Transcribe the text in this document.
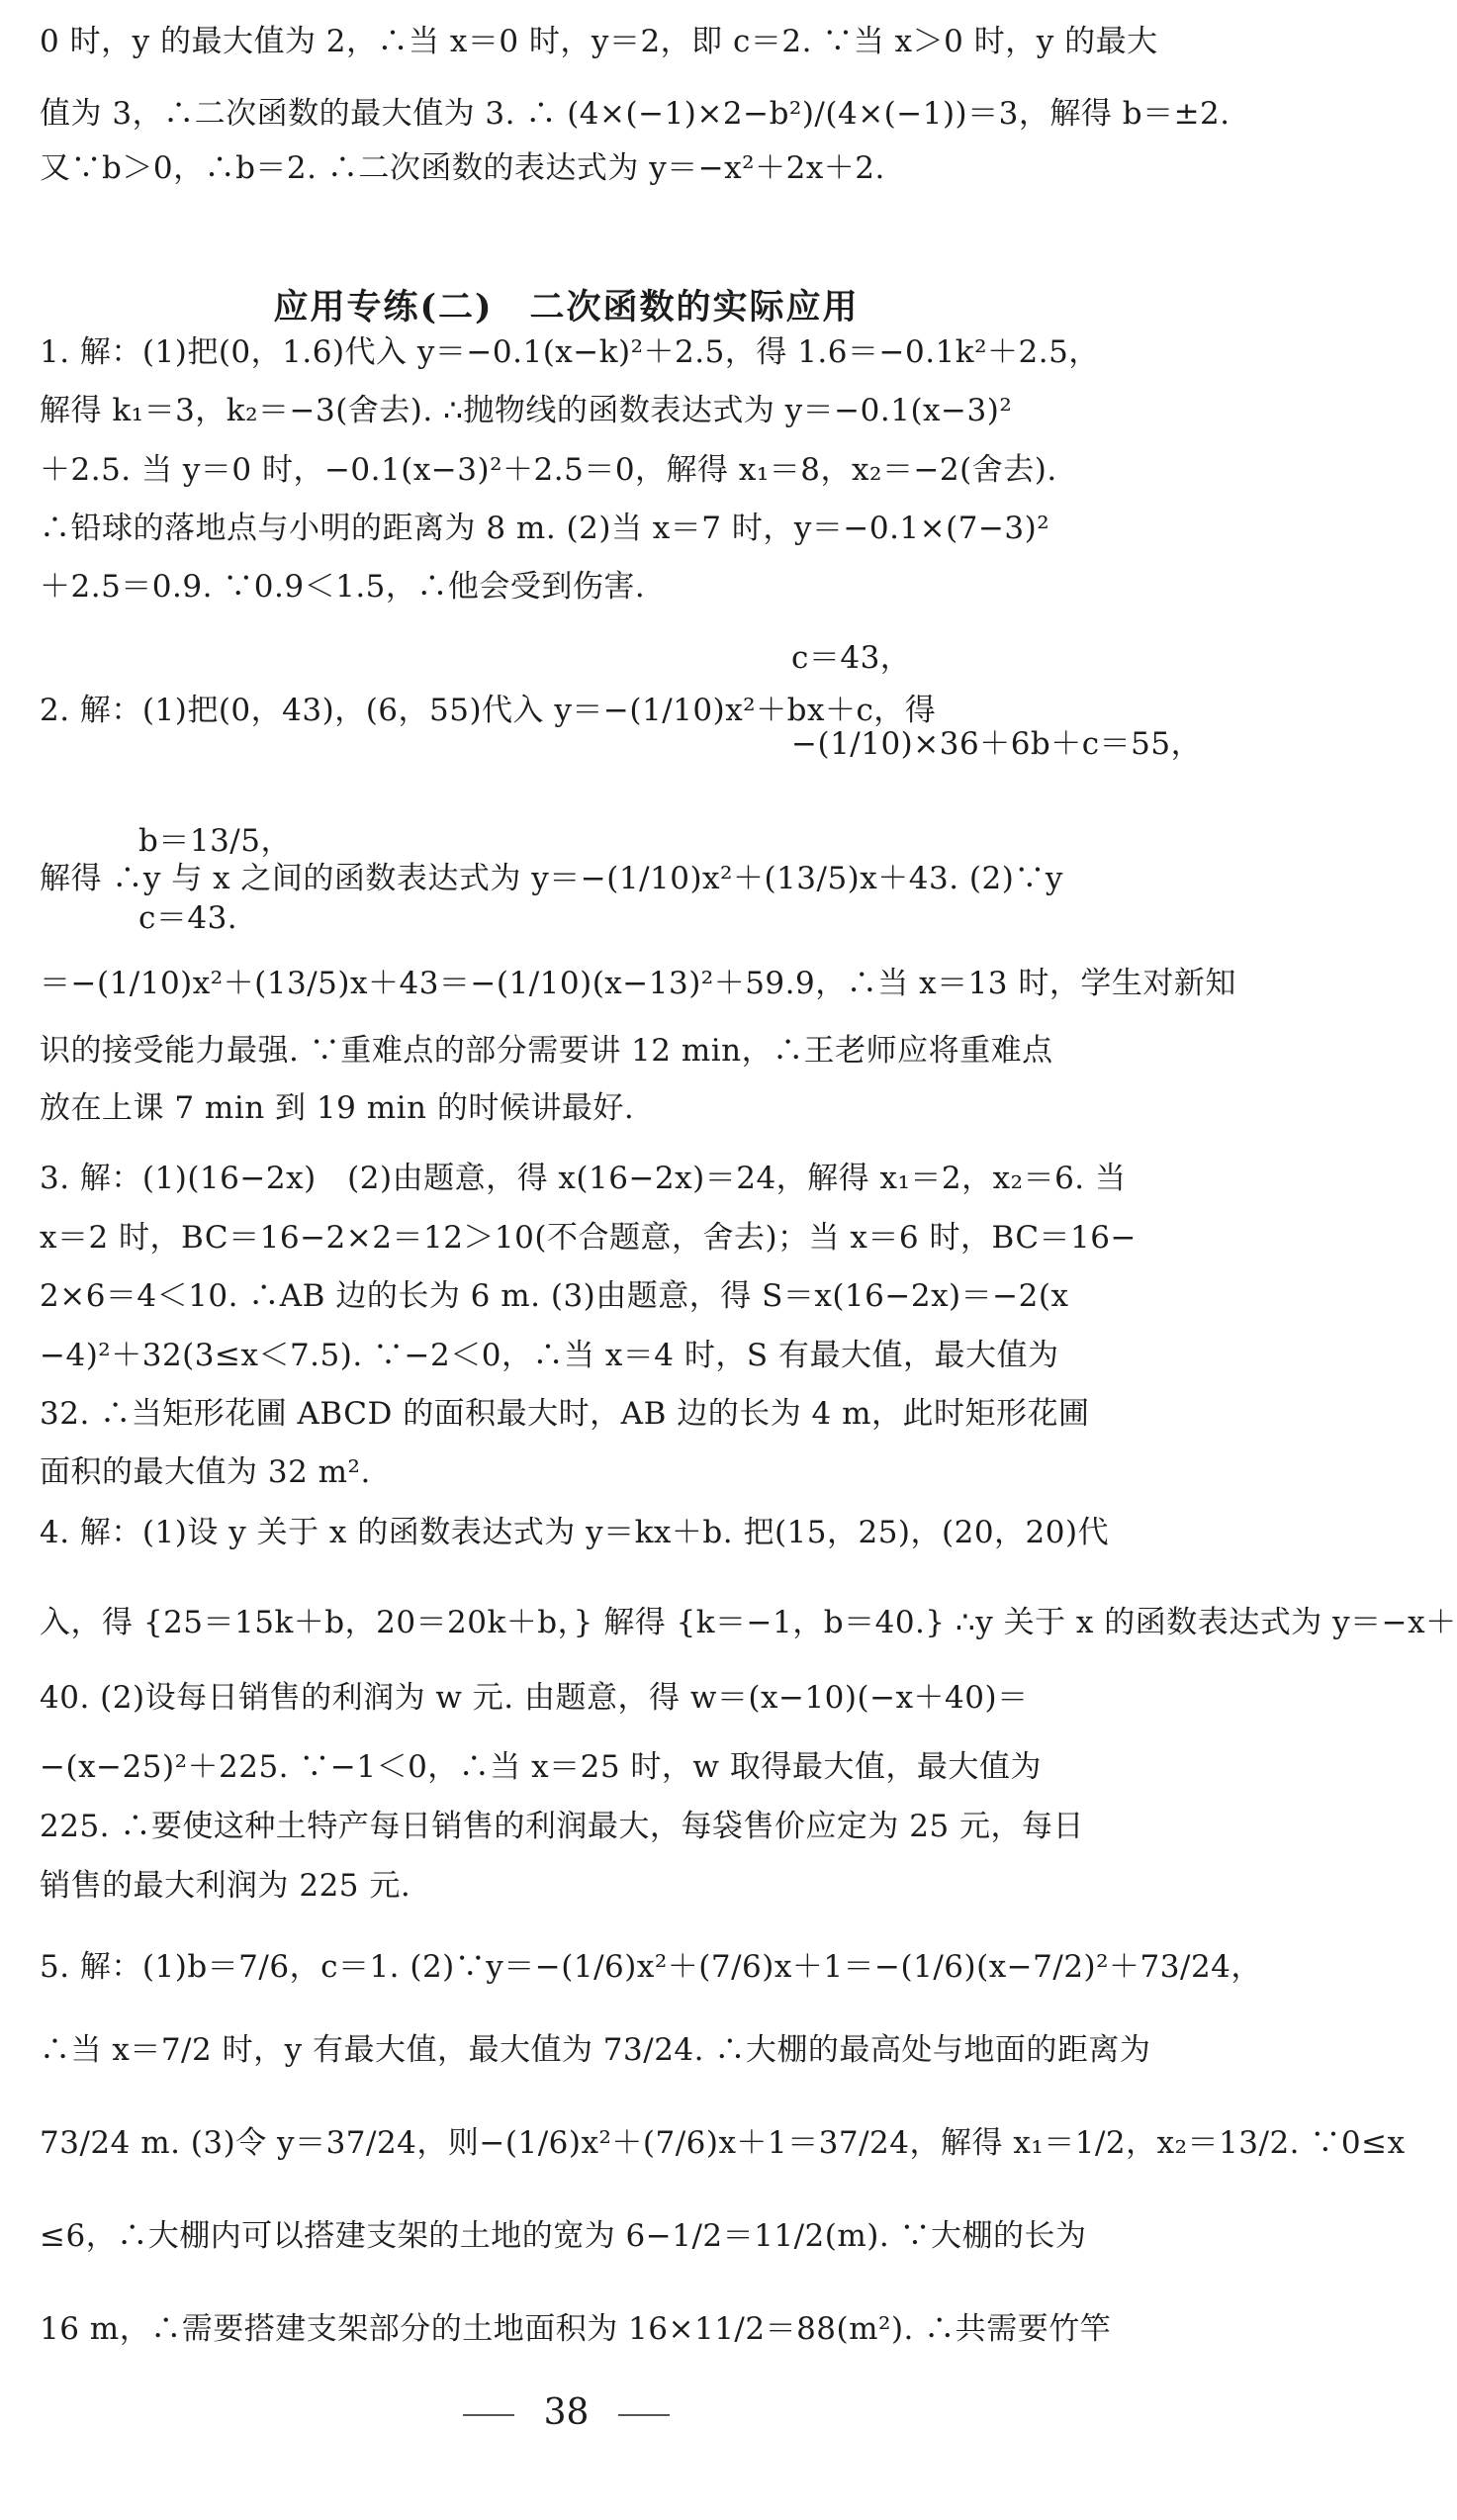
0 时，y 的最大值为 2，∴当 x＝0 时，y＝2，即 c＝2. ∵当 x＞0 时，y 的最大
值为 3，∴二次函数的最大值为 3. ∴ (4×(−1)×2−b²)/(4×(−1))＝3，解得 b＝±2.
又∵b＞0，∴b＝2. ∴二次函数的表达式为 y＝−x²＋2x＋2.
应用专练(二)　二次函数的实际应用
1. 解：(1)把(0，1.6)代入 y＝−0.1(x−k)²＋2.5，得 1.6＝−0.1k²＋2.5，
解得 k₁＝3，k₂＝−3(舍去). ∴抛物线的函数表达式为 y＝−0.1(x−3)²
＋2.5. 当 y＝0 时，−0.1(x−3)²＋2.5＝0，解得 x₁＝8，x₂＝−2(舍去).
∴铅球的落地点与小明的距离为 8 m. (2)当 x＝7 时，y＝−0.1×(7−3)²
＋2.5＝0.9. ∵0.9＜1.5，∴他会受到伤害.
c＝43，
2. 解：(1)把(0，43)，(6，55)代入 y＝−(1/10)x²＋bx＋c，得
−(1/10)×36＋6b＋c＝55，
b＝13/5，
解得 ∴y 与 x 之间的函数表达式为 y＝−(1/10)x²＋(13/5)x＋43. (2)∵y
c＝43.
＝−(1/10)x²＋(13/5)x＋43＝−(1/10)(x−13)²＋59.9，∴当 x＝13 时，学生对新知
识的接受能力最强. ∵重难点的部分需要讲 12 min，∴王老师应将重难点
放在上课 7 min 到 19 min 的时候讲最好.
3. 解：(1)(16−2x)　(2)由题意，得 x(16−2x)＝24，解得 x₁＝2，x₂＝6. 当
x＝2 时，BC＝16−2×2＝12＞10(不合题意，舍去)；当 x＝6 时，BC＝16−
2×6＝4＜10. ∴AB 边的长为 6 m. (3)由题意，得 S＝x(16−2x)＝−2(x
−4)²＋32(3≤x＜7.5). ∵−2＜0，∴当 x＝4 时，S 有最大值，最大值为
32. ∴当矩形花圃 ABCD 的面积最大时，AB 边的长为 4 m，此时矩形花圃
面积的最大值为 32 m².
4. 解：(1)设 y 关于 x 的函数表达式为 y＝kx＋b. 把(15，25)，(20，20)代
入，得 {25＝15k＋b，20＝20k＋b，} 解得 {k＝−1，b＝40.} ∴y 关于 x 的函数表达式为 y＝−x＋
40. (2)设每日销售的利润为 w 元. 由题意，得 w＝(x−10)(−x＋40)＝
−(x−25)²＋225. ∵−1＜0，∴当 x＝25 时，w 取得最大值，最大值为
225. ∴要使这种土特产每日销售的利润最大，每袋售价应定为 25 元，每日
销售的最大利润为 225 元.
5. 解：(1)b＝7/6，c＝1. (2)∵y＝−(1/6)x²＋(7/6)x＋1＝−(1/6)(x−7/2)²＋73/24，
∴当 x＝7/2 时，y 有最大值，最大值为 73/24. ∴大棚的最高处与地面的距离为
73/24 m. (3)令 y＝37/24，则−(1/6)x²＋(7/6)x＋1＝37/24，解得 x₁＝1/2，x₂＝13/2. ∵0≤x
≤6，∴大棚内可以搭建支架的土地的宽为 6−1/2＝11/2(m). ∵大棚的长为
16 m，∴需要搭建支架部分的土地面积为 16×11/2＝88(m²). ∴共需要竹竿
38
